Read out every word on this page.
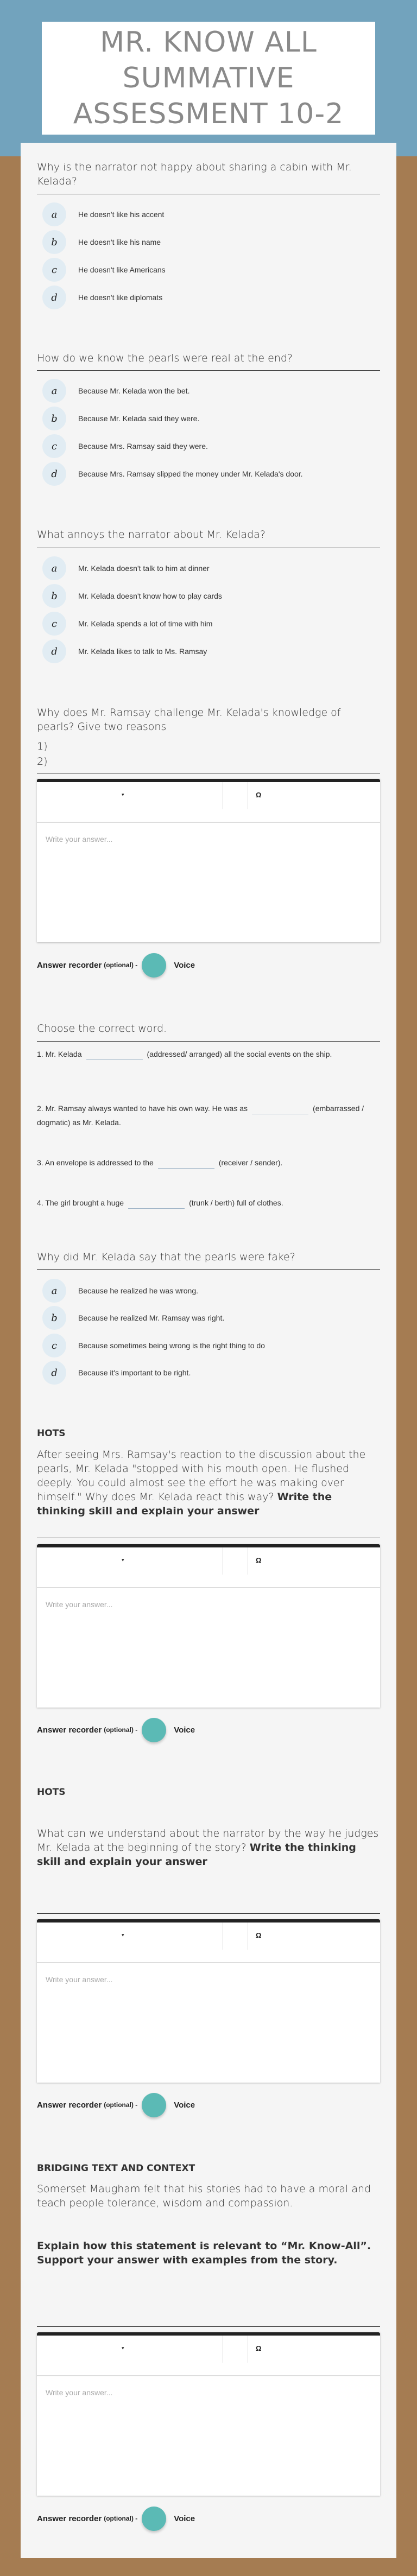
MR. KNOW ALL SUMMATIVE ASSESSMENT 10-2
Why is the narrator not happy about sharing a cabin with Mr. Kelada?
a	He doesn't like his accent
b	He doesn't like his name
c	He doesn't like Americans
d	He doesn't like diplomats
How do we know the pearls were real at the end?
a	Because Mr. Kelada won the bet.
b	Because Mr. Kelada said they were.
c	Because Mrs. Ramsay said they were.
d	Because Mrs. Ramsay slipped the money under Mr. Kelada's door.
What annoys the narrator about Mr. Kelada?
a	Mr. Kelada doesn't talk to him at dinner
b	Mr. Kelada doesn't know how to play cards
c	Mr. Kelada spends a lot of time with him
d	Mr. Kelada likes to talk to Ms. Ramsay
Why does Mr. Ramsay challenge Mr. Kelada's knowledge of pearls? Give two reasons
1)
2)
▾	Ω
Write your answer...
Answer recorder (optional) -	Voice
Choose the correct word.
1. Mr. Kelada	(addressed/ arranged) all the social events on the ship.
2. Mr. Ramsay always wanted to have his own way. He was as	(embarrassed / dogmatic) as Mr. Kelada.
3. An envelope is addressed to the	(receiver / sender).
4. The girl brought a huge	(trunk / berth) full of clothes.
Why did Mr. Kelada say that the pearls were fake?
a	Because he realized he was wrong.
b	Because he realized Mr. Ramsay was right.
c	Because sometimes being wrong is the right thing to do
d	Because it's important to be right.
HOTS
After seeing Mrs. Ramsay's reaction to the discussion about the pearls, Mr. Kelada "stopped with his mouth open. He flushed deeply. You could almost see the effort he was making over himself." Why does Mr. Kelada react this way? Write the thinking skill and explain your answer
▾	Ω
Write your answer...
Answer recorder (optional) -	Voice
HOTS
What can we understand about the narrator by the way he judges Mr. Kelada at the beginning of the story? Write the thinking skill and explain your answer
▾	Ω
Write your answer...
Answer recorder (optional) -	Voice
BRIDGING TEXT AND CONTEXT
Somerset Maugham felt that his stories had to have a moral and teach people tolerance, wisdom and compassion.
Explain how this statement is relevant to “Mr. Know-All”. Support your answer with examples from the story.
▾	Ω
Write your answer...
Answer recorder (optional) -	Voice
